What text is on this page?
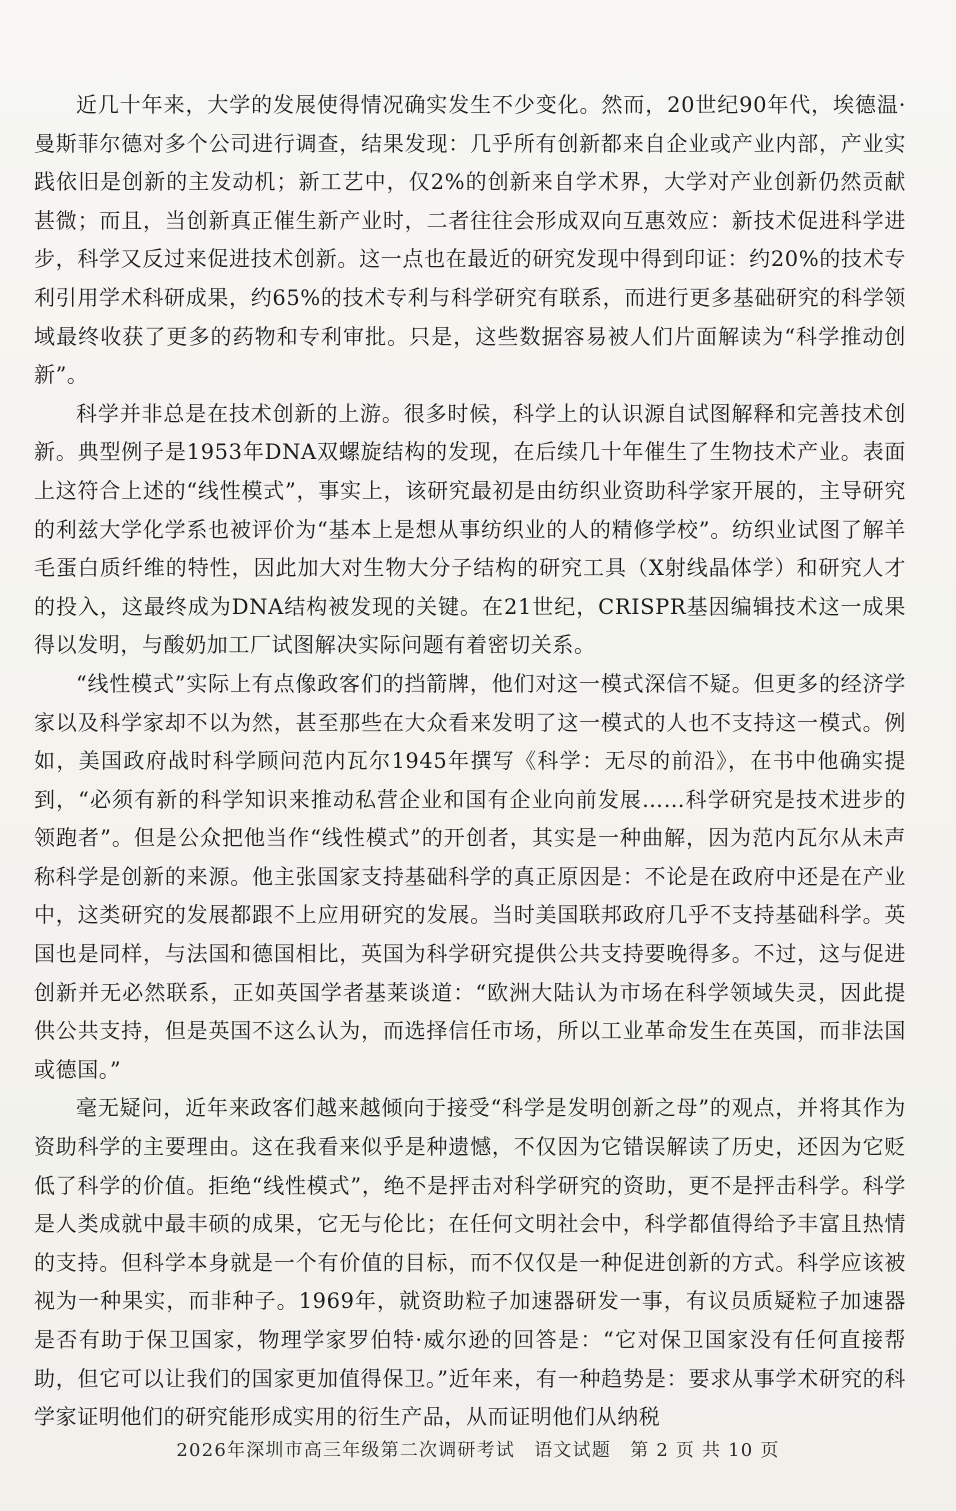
近几十年来，大学的发展使得情况确实发生不少变化。然而，20世纪90年代，埃德温·曼斯菲尔德对多个公司进行调查，结果发现：几乎所有创新都来自企业或产业内部，产业实践依旧是创新的主发动机；新工艺中，仅2%的创新来自学术界，大学对产业创新仍然贡献甚微；而且，当创新真正催生新产业时，二者往往会形成双向互惠效应：新技术促进科学进步，科学又反过来促进技术创新。这一点也在最近的研究发现中得到印证：约20%的技术专利引用学术科研成果，约65%的技术专利与科学研究有联系，而进行更多基础研究的科学领域最终收获了更多的药物和专利审批。只是，这些数据容易被人们片面解读为“科学推动创新”。

科学并非总是在技术创新的上游。很多时候，科学上的认识源自试图解释和完善技术创新。典型例子是1953年DNA双螺旋结构的发现，在后续几十年催生了生物技术产业。表面上这符合上述的“线性模式”，事实上，该研究最初是由纺织业资助科学家开展的，主导研究的利兹大学化学系也被评价为“基本上是想从事纺织业的人的精修学校”。纺织业试图了解羊毛蛋白质纤维的特性，因此加大对生物大分子结构的研究工具（X射线晶体学）和研究人才的投入，这最终成为DNA结构被发现的关键。在21世纪，CRISPR基因编辑技术这一成果得以发明，与酸奶加工厂试图解决实际问题有着密切关系。

“线性模式”实际上有点像政客们的挡箭牌，他们对这一模式深信不疑。但更多的经济学家以及科学家却不以为然，甚至那些在大众看来发明了这一模式的人也不支持这一模式。例如，美国政府战时科学顾问范内瓦尔1945年撰写《科学：无尽的前沿》，在书中他确实提到，“必须有新的科学知识来推动私营企业和国有企业向前发展……科学研究是技术进步的领跑者”。但是公众把他当作“线性模式”的开创者，其实是一种曲解，因为范内瓦尔从未声称科学是创新的来源。他主张国家支持基础科学的真正原因是：不论是在政府中还是在产业中，这类研究的发展都跟不上应用研究的发展。当时美国联邦政府几乎不支持基础科学。英国也是同样，与法国和德国相比，英国为科学研究提供公共支持要晚得多。不过，这与促进创新并无必然联系，正如英国学者基莱谈道：“欧洲大陆认为市场在科学领域失灵，因此提供公共支持，但是英国不这么认为，而选择信任市场，所以工业革命发生在英国，而非法国或德国。”

毫无疑问，近年来政客们越来越倾向于接受“科学是发明创新之母”的观点，并将其作为资助科学的主要理由。这在我看来似乎是种遗憾，不仅因为它错误解读了历史，还因为它贬低了科学的价值。拒绝“线性模式”，绝不是抨击对科学研究的资助，更不是抨击科学。科学是人类成就中最丰硕的成果，它无与伦比；在任何文明社会中，科学都值得给予丰富且热情的支持。但科学本身就是一个有价值的目标，而不仅仅是一种促进创新的方式。科学应该被视为一种果实，而非种子。1969年，就资助粒子加速器研发一事，有议员质疑粒子加速器是否有助于保卫国家，物理学家罗伯特·威尔逊的回答是：“它对保卫国家没有任何直接帮助，但它可以让我们的国家更加值得保卫。”近年来，有一种趋势是：要求从事学术研究的科学家证明他们的研究能形成实用的衍生产品，从而证明他们从纳税

2026年深圳市高三年级第二次调研考试　语文试题　第 2 页 共 10 页
